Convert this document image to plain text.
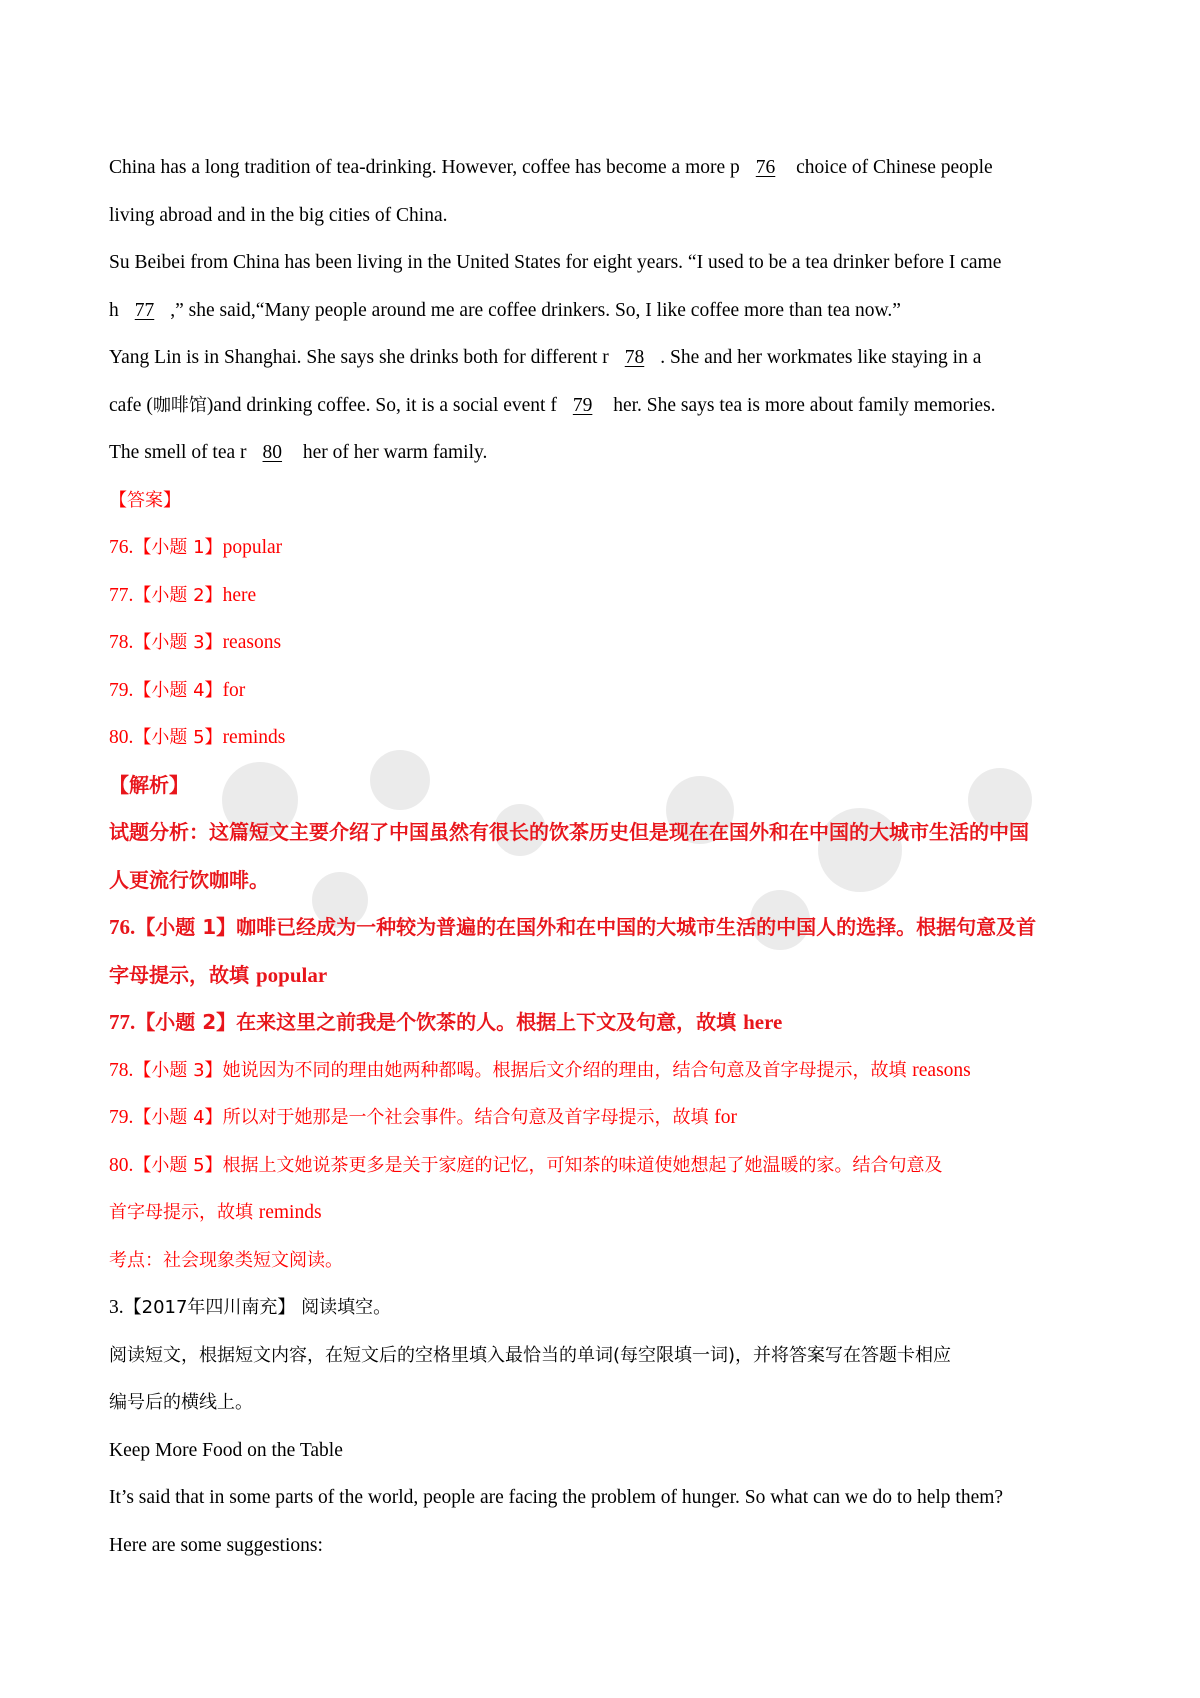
China has a long tradition of tea-drinking. However, coffee has become a more p 76 choice of Chinese people

living abroad and in the big cities of China.

Su Beibei from China has been living in the United States for eight years. “I used to be a tea drinker before I came

h 77 ,” she said,“Many people around me are coffee drinkers. So, I like coffee more than tea now.”

Yang Lin is in Shanghai. She says she drinks both for different r 78 . She and her workmates like staying in a

cafe (咖啡馆)and drinking coffee. So, it is a social event f 79 her. She says tea is more about family memories.

The smell of tea r 80 her of her warm family.

【答案】

76.【小题 1】popular

77.【小题 2】here

78.【小题 3】reasons

79.【小题 4】for

80.【小题 5】reminds

【解析】

试题分析：这篇短文主要介绍了中国虽然有很长的饮茶历史但是现在在国外和在中国的大城市生活的中国

人更流行饮咖啡。

76.【小题 1】咖啡已经成为一种较为普遍的在国外和在中国的大城市生活的中国人的选择。根据句意及首

字母提示，故填 popular

77.【小题 2】在来这里之前我是个饮茶的人。根据上下文及句意，故填 here

78.【小题 3】她说因为不同的理由她两种都喝。根据后文介绍的理由，结合句意及首字母提示，故填 reasons

79.【小题 4】所以对于她那是一个社会事件。结合句意及首字母提示，故填 for

80.【小题 5】根据上文她说茶更多是关于家庭的记忆，可知茶的味道使她想起了她温暖的家。结合句意及

首字母提示，故填 reminds

考点：社会现象类短文阅读。

3.【2017年四川南充】 阅读填空。

阅读短文，根据短文内容，在短文后的空格里填入最恰当的单词(每空限填一词)，并将答案写在答题卡相应

编号后的横线上。

Keep More Food on the Table

It’s said that in some parts of the world, people are facing the problem of hunger. So what can we do to help them?

Here are some suggestions:
